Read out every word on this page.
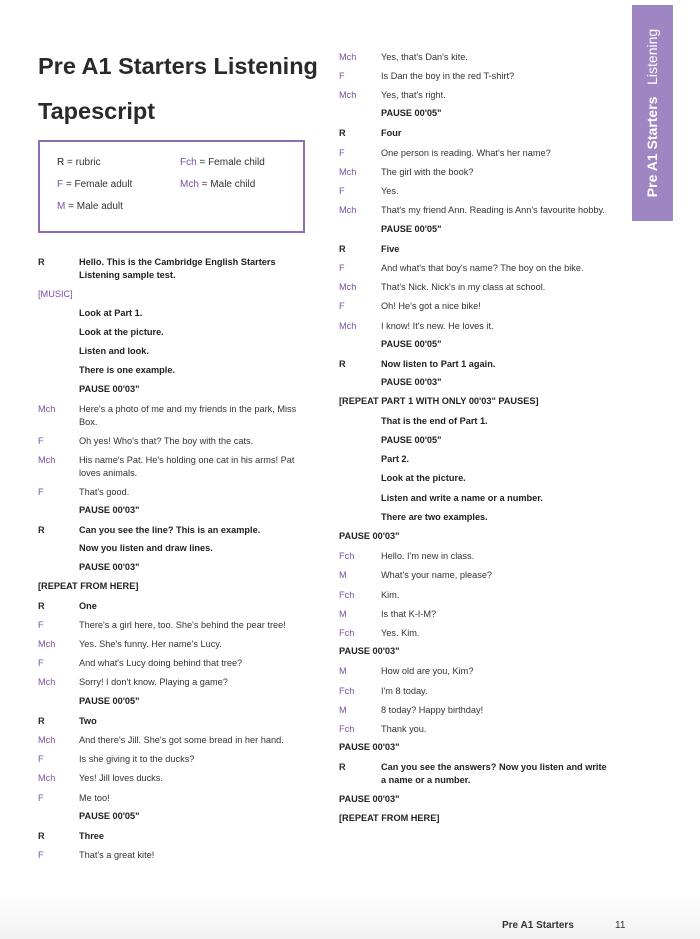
Pre A1 Starters Listening
Tapescript	Pre A1 Starters   Listening
R = rubric	Fch = Female child
F = Female adult	Mch = Male child
M = Male adult
R	Hello. This is the Cambridge English Starters Listening sample test.
[MUSIC]
Look at Part 1.
Look at the picture.
Listen and look.
There is one example.
PAUSE 00'03"
Mch	Here's a photo of me and my friends in the park, Miss Box.
F	Oh yes! Who's that? The boy with the cats.
Mch	His name's Pat. He's holding one cat in his arms! Pat loves animals.
F	That's good.
PAUSE 00'03"
R	Can you see the line? This is an example.
Now you listen and draw lines.
PAUSE 00'03"
[REPEAT FROM HERE]
R	One
F	There's a girl here, too. She's behind the pear tree!
Mch	Yes. She's funny. Her name's Lucy.
F	And what's Lucy doing behind that tree?
Mch	Sorry! I don't know. Playing a game?
PAUSE 00'05"
R	Two
Mch	And there's Jill. She's got some bread in her hand.
F	Is she giving it to the ducks?
Mch	Yes! Jill loves ducks.
F	Me too!
PAUSE 00'05"
R	Three
F	That's a great kite!
Mch	Yes, that's Dan's kite.
F	Is Dan the boy in the red T-shirt?
Mch	Yes, that's right.
PAUSE 00'05"
R	Four
F	One person is reading. What's her name?
Mch	The girl with the book?
F	Yes.
Mch	That's my friend Ann. Reading is Ann's favourite hobby.
PAUSE 00'05"
R	Five
F	And what's that boy's name? The boy on the bike.
Mch	That's Nick. Nick's in my class at school.
F	Oh! He's got a nice bike!
Mch	I know! It's new. He loves it.
PAUSE 00'05"
R	Now listen to Part 1 again.
PAUSE 00'03"
[REPEAT PART 1 WITH ONLY 00'03" PAUSES]
That is the end of Part 1.
PAUSE 00'05"
Part 2.
Look at the picture.
Listen and write a name or a number.
There are two examples.
PAUSE 00'03"
Fch	Hello. I'm new in class.
M	What's your name, please?
Fch	Kim.
M	Is that K-I-M?
Fch	Yes. Kim.
PAUSE 00'03"
M	How old are you, Kim?
Fch	I'm 8 today.
M	8 today? Happy birthday!
Fch	Thank you.
PAUSE 00'03"
R	Can you see the answers? Now you listen and write a name or a number.
PAUSE 00'03"
[REPEAT FROM HERE]
Pre A1 Starters	11
